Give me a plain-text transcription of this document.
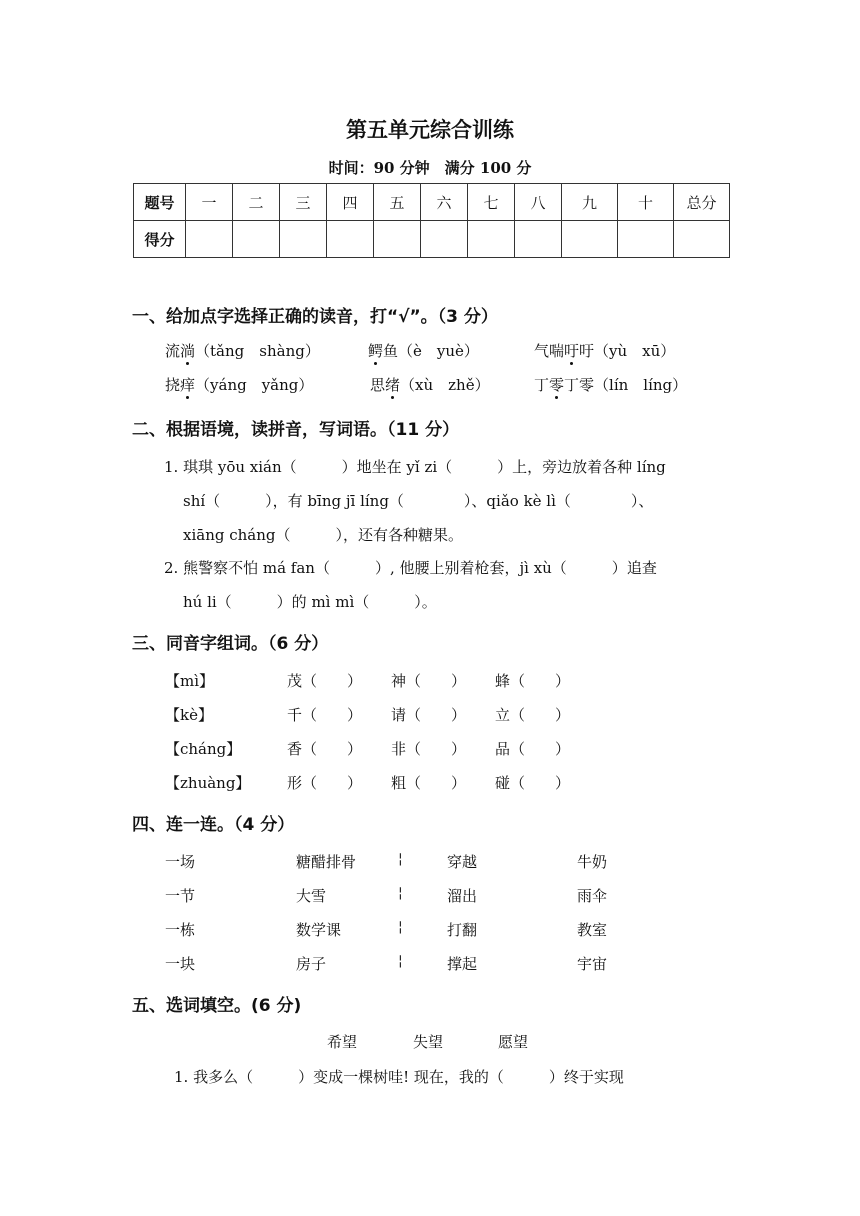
第五单元综合训练
时间：90 分钟　满分 100 分
题号	一	二	三	四	五	六	七	八	九	十	总分
得分											
一、给加点字选择正确的读音，打“√”。（3 分）
流淌（tǎng　shàng）	鳄鱼（è　yuè）	气喘吁吁（yù　xū）
挠痒（yáng　yǎng）	思绪（xù　zhě）	丁零丁零（lín　líng）
二、根据语境，读拼音，写词语。（11 分）
1. 琪琪 yōu xián（　　　）地坐在 yǐ zi（　　　）上，旁边放着各种 líng
shí（　　　），有 bīng jī líng（　　　　）、qiǎo kè lì（　　　　）、
xiāng cháng（　　　），还有各种糖果。
2. 熊警察不怕 má fan（　　　）, 他腰上别着枪套，jì xù（　　　）追查
hú li（　　　）的 mì mì（　　　）。
三、同音字组词。（6 分）
【mì】	茂（　　） 神（　　） 蜂（　　）
【kè】	千（　　） 请（　　） 立（　　）
【cháng】	香（　　） 非（　　） 品（　　）
【zhuàng】 形（　　） 粗（　　） 碰（　　）
四、连一连。（4 分）
一场	糖醋排骨	¦	穿越	牛奶
一节	大雪	¦	溜出	雨伞
一栋	数学课	¦	打翻	教室
一块	房子	¦	撑起	宇宙
五、选词填空。(6 分)
希望	失望	愿望
1. 我多么（　　　）变成一棵树哇! 现在，我的（　　　）终于实现
